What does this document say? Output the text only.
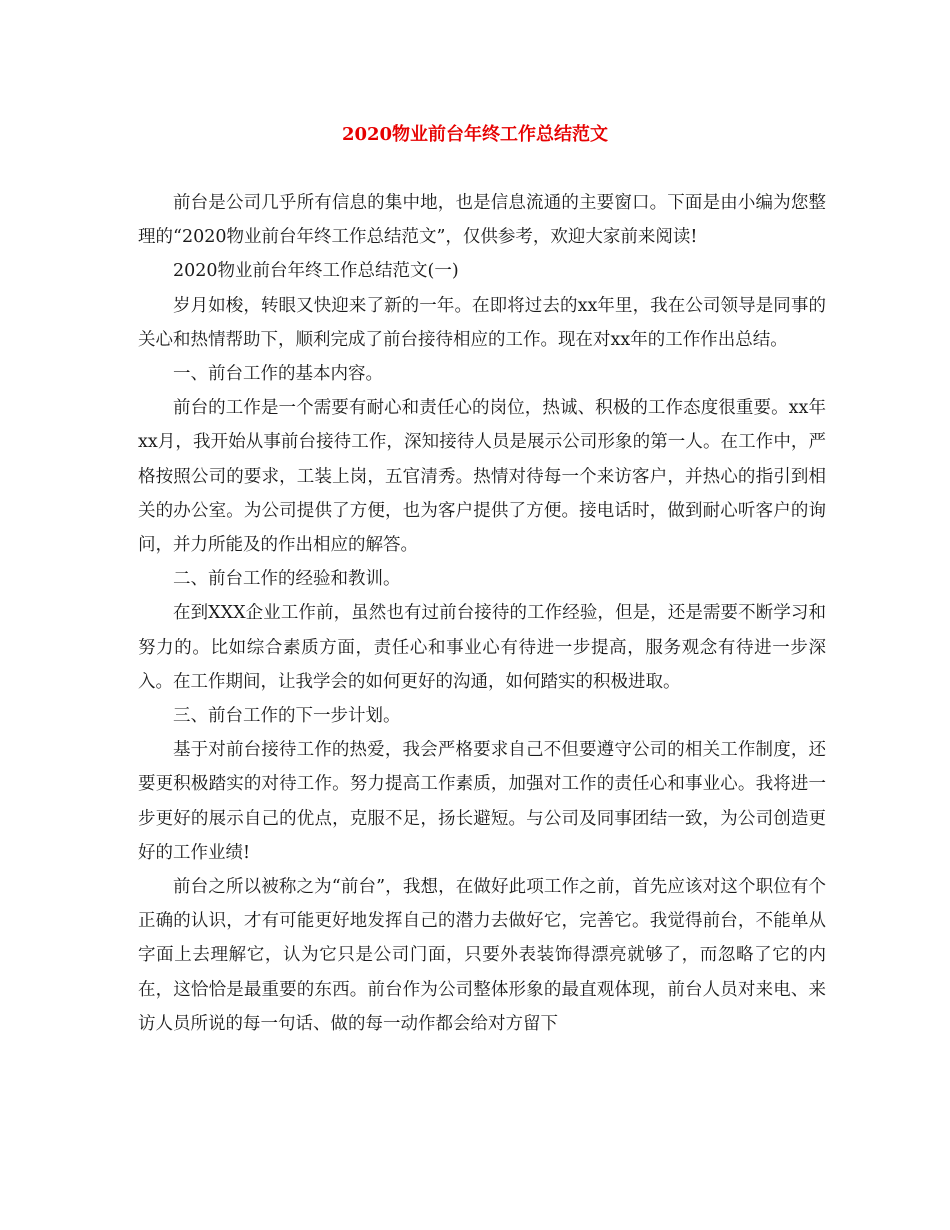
2020物业前台年终工作总结范文

前台是公司几乎所有信息的集中地，也是信息流通的主要窗口。下面是由小编为您整理的“2020物业前台年终工作总结范文”，仅供参考，欢迎大家前来阅读!

2020物业前台年终工作总结范文(一)

岁月如梭，转眼又快迎来了新的一年。在即将过去的xx年里，我在公司领导是同事的关心和热情帮助下，顺利完成了前台接待相应的工作。现在对xx年的工作作出总结。

一、前台工作的基本内容。

前台的工作是一个需要有耐心和责任心的岗位，热诚、积极的工作态度很重要。xx年xx月，我开始从事前台接待工作，深知接待人员是展示公司形象的第一人。在工作中，严格按照公司的要求，工装上岗，五官清秀。热情对待每一个来访客户，并热心的指引到相关的办公室。为公司提供了方便，也为客户提供了方便。接电话时，做到耐心听客户的询问，并力所能及的作出相应的解答。

二、前台工作的经验和教训。

在到XXX企业工作前，虽然也有过前台接待的工作经验，但是，还是需要不断学习和努力的。比如综合素质方面，责任心和事业心有待进一步提高，服务观念有待进一步深入。在工作期间，让我学会的如何更好的沟通，如何踏实的积极进取。

三、前台工作的下一步计划。

基于对前台接待工作的热爱，我会严格要求自己不但要遵守公司的相关工作制度，还要更积极踏实的对待工作。努力提高工作素质，加强对工作的责任心和事业心。我将进一步更好的展示自己的优点，克服不足，扬长避短。与公司及同事团结一致，为公司创造更好的工作业绩!

前台之所以被称之为“前台”，我想，在做好此项工作之前，首先应该对这个职位有个正确的认识，才有可能更好地发挥自己的潜力去做好它，完善它。我觉得前台，不能单从字面上去理解它，认为它只是公司门面，只要外表装饰得漂亮就够了，而忽略了它的内在，这恰恰是最重要的东西。前台作为公司整体形象的最直观体现，前台人员对来电、来访人员所说的每一句话、做的每一动作都会给对方留下
